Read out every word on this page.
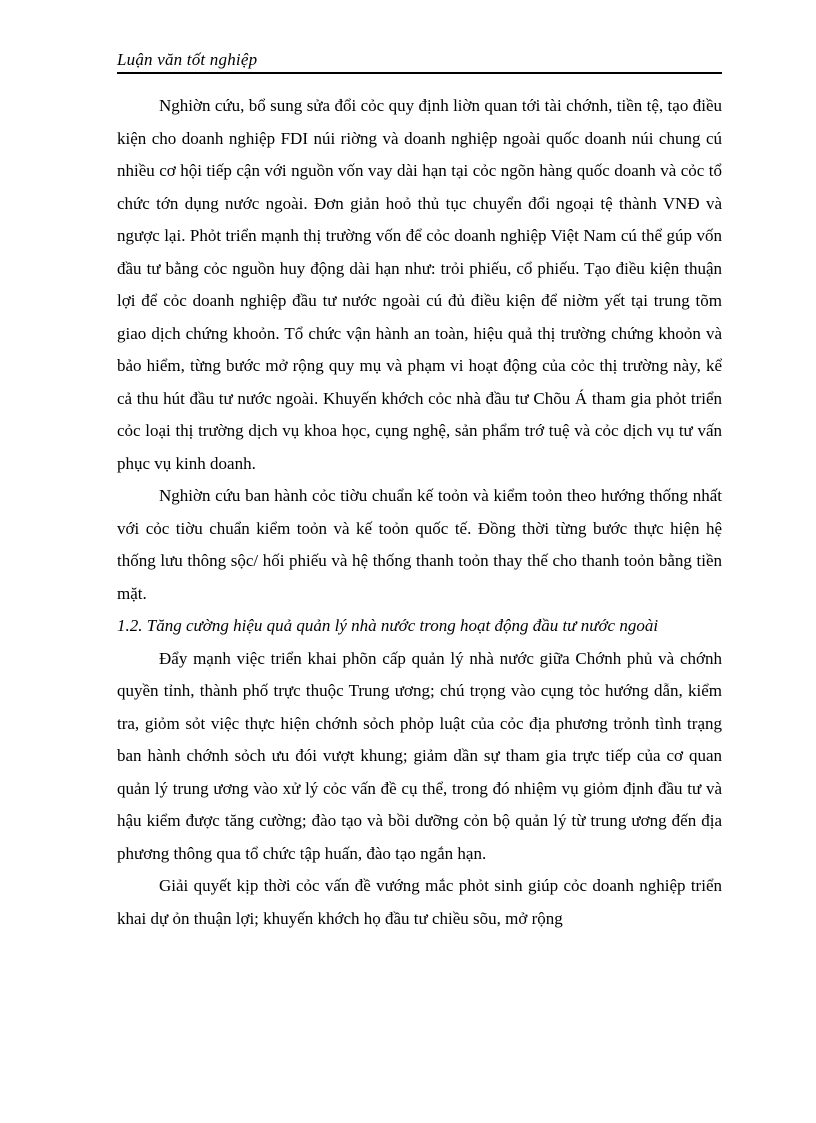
Luận văn tốt nghiệp

Nghiờn cứu, bổ sung sửa đổi cỏc quy định liờn quan tới tài chớnh, tiền tệ, tạo điều kiện cho doanh nghiệp FDI núi riờng và doanh nghiệp ngoài quốc doanh núi chung cú nhiều cơ hội tiếp cận với nguồn vốn vay dài hạn tại cỏc ngõn hàng quốc doanh và cỏc tổ chức tớn dụng nước ngoài. Đơn giản hoỏ thủ tục chuyển đổi ngoại tệ thành VNĐ và ngược lại. Phỏt triển mạnh thị trường vốn để cỏc doanh nghiệp Việt Nam cú thể gúp vốn đầu tư bằng cỏc nguồn huy động dài hạn như: trỏi phiếu, cổ phiếu. Tạo điều kiện thuận lợi để cỏc doanh nghiệp đầu tư nước ngoài cú đủ điều kiện để niờm yết tại trung tõm giao dịch chứng khoỏn. Tổ chức vận hành an toàn, hiệu quả thị trường chứng khoỏn và bảo hiểm, từng bước mở rộng quy mụ và phạm vi hoạt động của cỏc thị trường này, kể cả thu hút đầu tư nước ngoài. Khuyến khớch cỏc nhà đầu tư Chõu Á tham gia phỏt triển cỏc loại thị trường dịch vụ khoa học, cụng nghệ, sản phẩm trớ tuệ và cỏc dịch vụ tư vấn phục vụ kinh doanh.

Nghiờn cứu ban hành cỏc tiờu chuẩn kế toỏn và kiểm toỏn theo hướng thống nhất với cỏc tiờu chuẩn kiểm toỏn và kế toỏn quốc tế. Đồng thời từng bước thực hiện hệ thống lưu thông sộc/ hối phiếu và hệ thống thanh toỏn thay thế cho thanh toỏn bằng tiền mặt.

1.2. Tăng cường hiệu quả quản lý nhà nước trong hoạt động đầu tư nước ngoài

Đẩy mạnh việc triển khai phõn cấp quản lý nhà nước giữa Chớnh phủ và chớnh quyền tỉnh, thành phố trực thuộc Trung ương; chú trọng vào cụng tỏc hướng dẫn, kiểm tra, giỏm sỏt việc thực hiện chớnh sỏch phỏp luật của cỏc địa phương trỏnh tình trạng ban hành chớnh sỏch ưu đói vượt khung; giảm dần sự tham gia trực tiếp của cơ quan quản lý trung ương vào xử lý cỏc vấn đề cụ thể, trong đó nhiệm vụ giỏm định đầu tư và hậu kiểm được tăng cường; đào tạo và bồi dưỡng cỏn bộ quản lý từ trung ương đến địa phương thông qua tổ chức tập huấn, đào tạo ngắn hạn.

Giải quyết kịp thời cỏc vấn đề vướng mắc phỏt sinh giúp cỏc doanh nghiệp triển khai dự ỏn thuận lợi; khuyến khớch họ đầu tư chiều sõu, mở rộng
